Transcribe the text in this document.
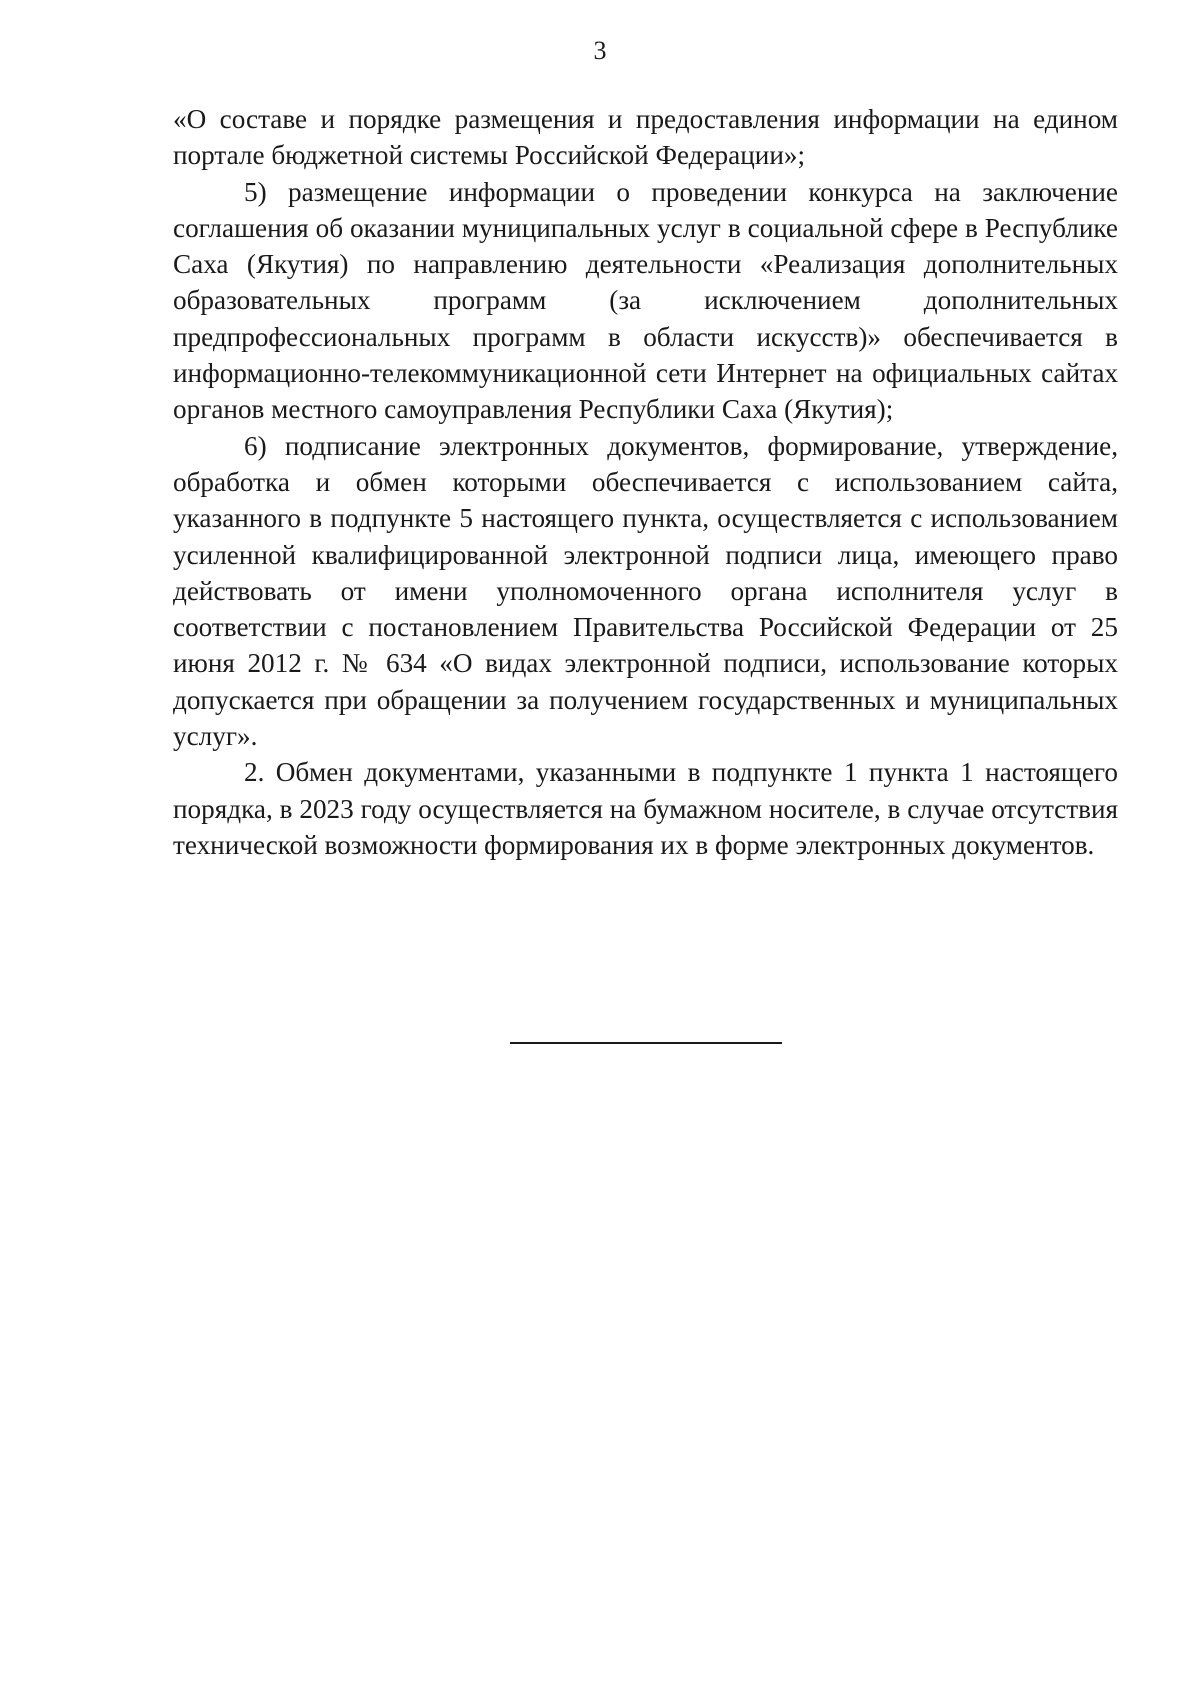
3

«О составе и порядке размещения и предоставления информации на едином портале бюджетной системы Российской Федерации»;

5) размещение информации о проведении конкурса на заключение соглашения об оказании муниципальных услуг в социальной сфере в Республике Саха (Якутия) по направлению деятельности «Реализация дополнительных образовательных программ (за исключением дополнительных предпрофессиональных программ в области искусств)» обеспечивается в информационно-телекоммуникационной сети Интернет на официальных сайтах органов местного самоуправления Республики Саха (Якутия);

6) подписание электронных документов, формирование, утверждение, обработка и обмен которыми обеспечивается с использованием сайта, указанного в подпункте 5 настоящего пункта, осуществляется с использованием усиленной квалифицированной электронной подписи лица, имеющего право действовать от имени уполномоченного органа исполнителя услуг в соответствии с постановлением Правительства Российской Федерации от 25 июня 2012 г. № 634 «О видах электронной подписи, использование которых допускается при обращении за получением государственных и муниципальных услуг».

2. Обмен документами, указанными в подпункте 1 пункта 1 настоящего порядка, в 2023 году осуществляется на бумажном носителе, в случае отсутствия технической возможности формирования их в форме электронных документов.
